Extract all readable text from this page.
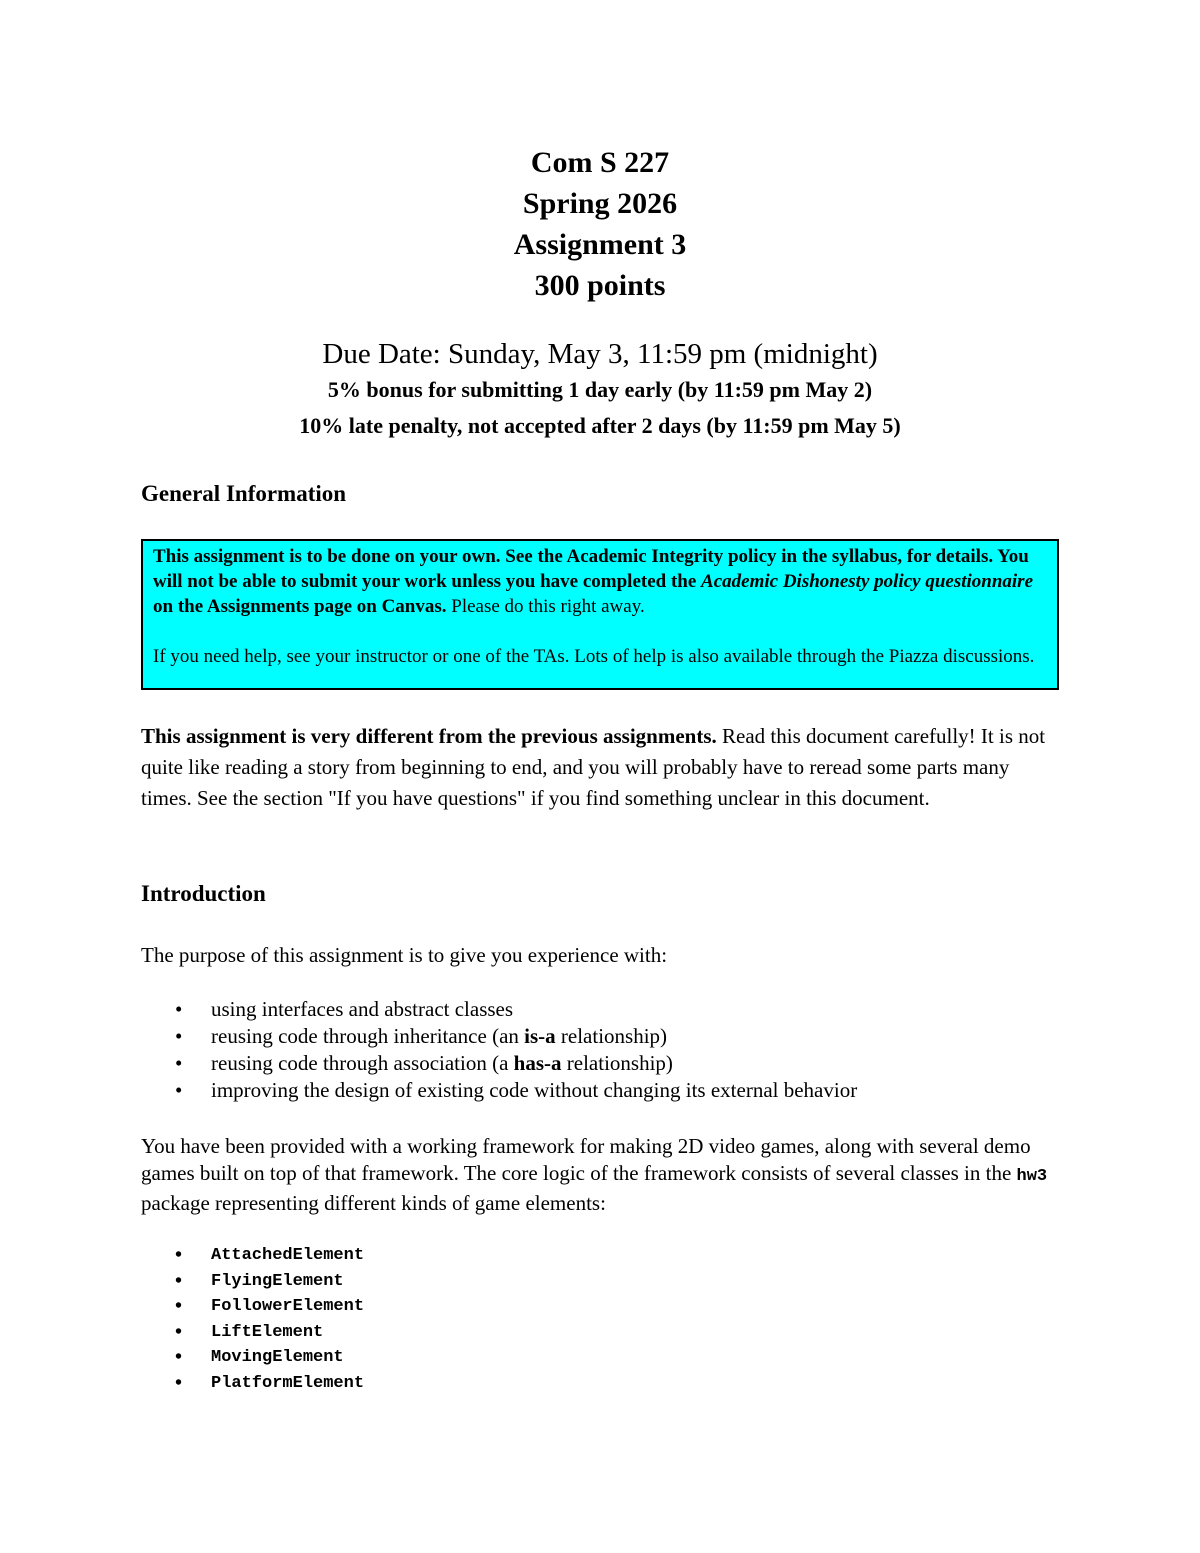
Com S 227

Spring 2026

Assignment 3

300 points

Due Date: Sunday, May 3, 11:59 pm (midnight)

5% bonus for submitting 1 day early (by 11:59 pm May 2)

10% late penalty, not accepted after 2 days (by 11:59 pm May 5)

General Information

This assignment is to be done on your own. See the Academic Integrity policy in the syllabus, for details. You will not be able to submit your work unless you have completed the Academic Dishonesty policy questionnaire on the Assignments page on Canvas. Please do this right away.

If you need help, see your instructor or one of the TAs. Lots of help is also available through the Piazza discussions.

This assignment is very different from the previous assignments. Read this document carefully! It is not quite like reading a story from beginning to end, and you will probably have to reread some parts many times. See the section "If you have questions" if you find something unclear in this document.

Introduction

The purpose of this assignment is to give you experience with:

• using interfaces and abstract classes
• reusing code through inheritance (an is-a relationship)
• reusing code through association (a has-a relationship)
• improving the design of existing code without changing its external behavior

You have been provided with a working framework for making 2D video games, along with several demo games built on top of that framework. The core logic of the framework consists of several classes in the hw3 package representing different kinds of game elements:

• AttachedElement
• FlyingElement
• FollowerElement
• LiftElement
• MovingElement
• PlatformElement
